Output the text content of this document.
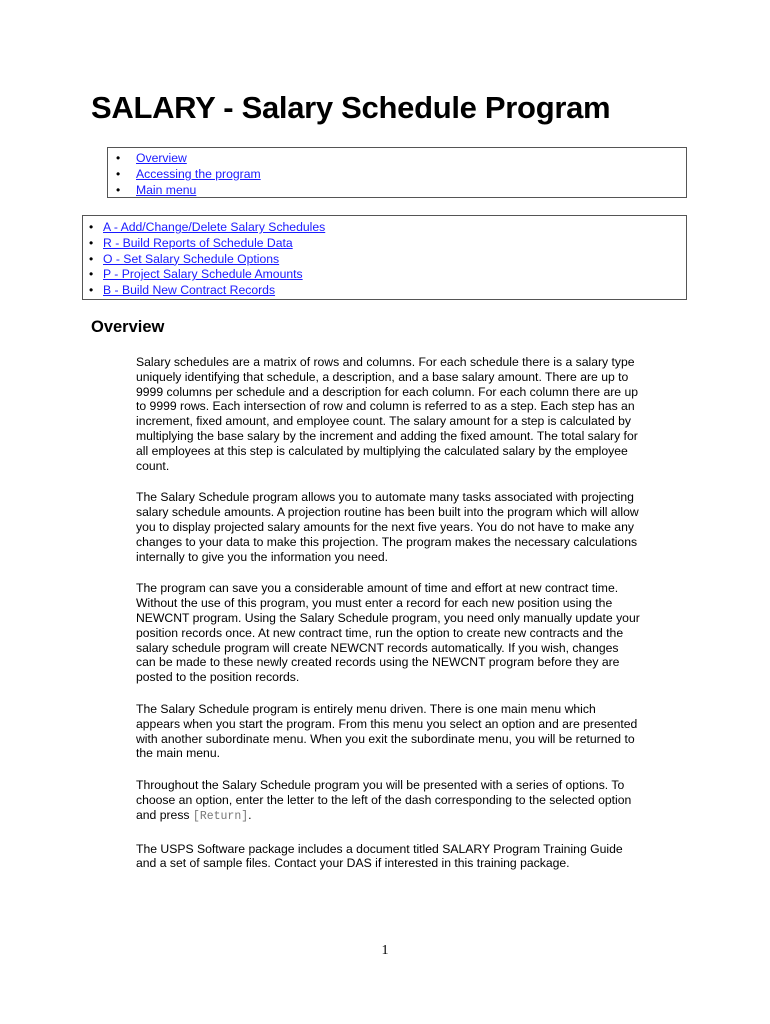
SALARY - Salary Schedule Program
• Overview
• Accessing the program
• Main menu
• A - Add/Change/Delete Salary Schedules
• R - Build Reports of Schedule Data
• O - Set Salary Schedule Options
• P - Project Salary Schedule Amounts
• B - Build New Contract Records
Overview

Salary schedules are a matrix of rows and columns. For each schedule there is a salary type uniquely identifying that schedule, a description, and a base salary amount. There are up to 9999 columns per schedule and a description for each column. For each column there are up to 9999 rows. Each intersection of row and column is referred to as a step. Each step has an increment, fixed amount, and employee count. The salary amount for a step is calculated by multiplying the base salary by the increment and adding the fixed amount. The total salary for all employees at this step is calculated by multiplying the calculated salary by the employee count.

The Salary Schedule program allows you to automate many tasks associated with projecting salary schedule amounts. A projection routine has been built into the program which will allow you to display projected salary amounts for the next five years. You do not have to make any changes to your data to make this projection. The program makes the necessary calculations internally to give you the information you need.

The program can save you a considerable amount of time and effort at new contract time. Without the use of this program, you must enter a record for each new position using the NEWCNT program. Using the Salary Schedule program, you need only manually update your position records once. At new contract time, run the option to create new contracts and the salary schedule program will create NEWCNT records automatically. If you wish, changes can be made to these newly created records using the NEWCNT program before they are posted to the position records.

The Salary Schedule program is entirely menu driven. There is one main menu which appears when you start the program. From this menu you select an option and are presented with another subordinate menu. When you exit the subordinate menu, you will be returned to the main menu.

Throughout the Salary Schedule program you will be presented with a series of options. To choose an option, enter the letter to the left of the dash corresponding to the selected option and press [Return].

The USPS Software package includes a document titled SALARY Program Training Guide and a set of sample files. Contact your DAS if interested in this training package.

1
